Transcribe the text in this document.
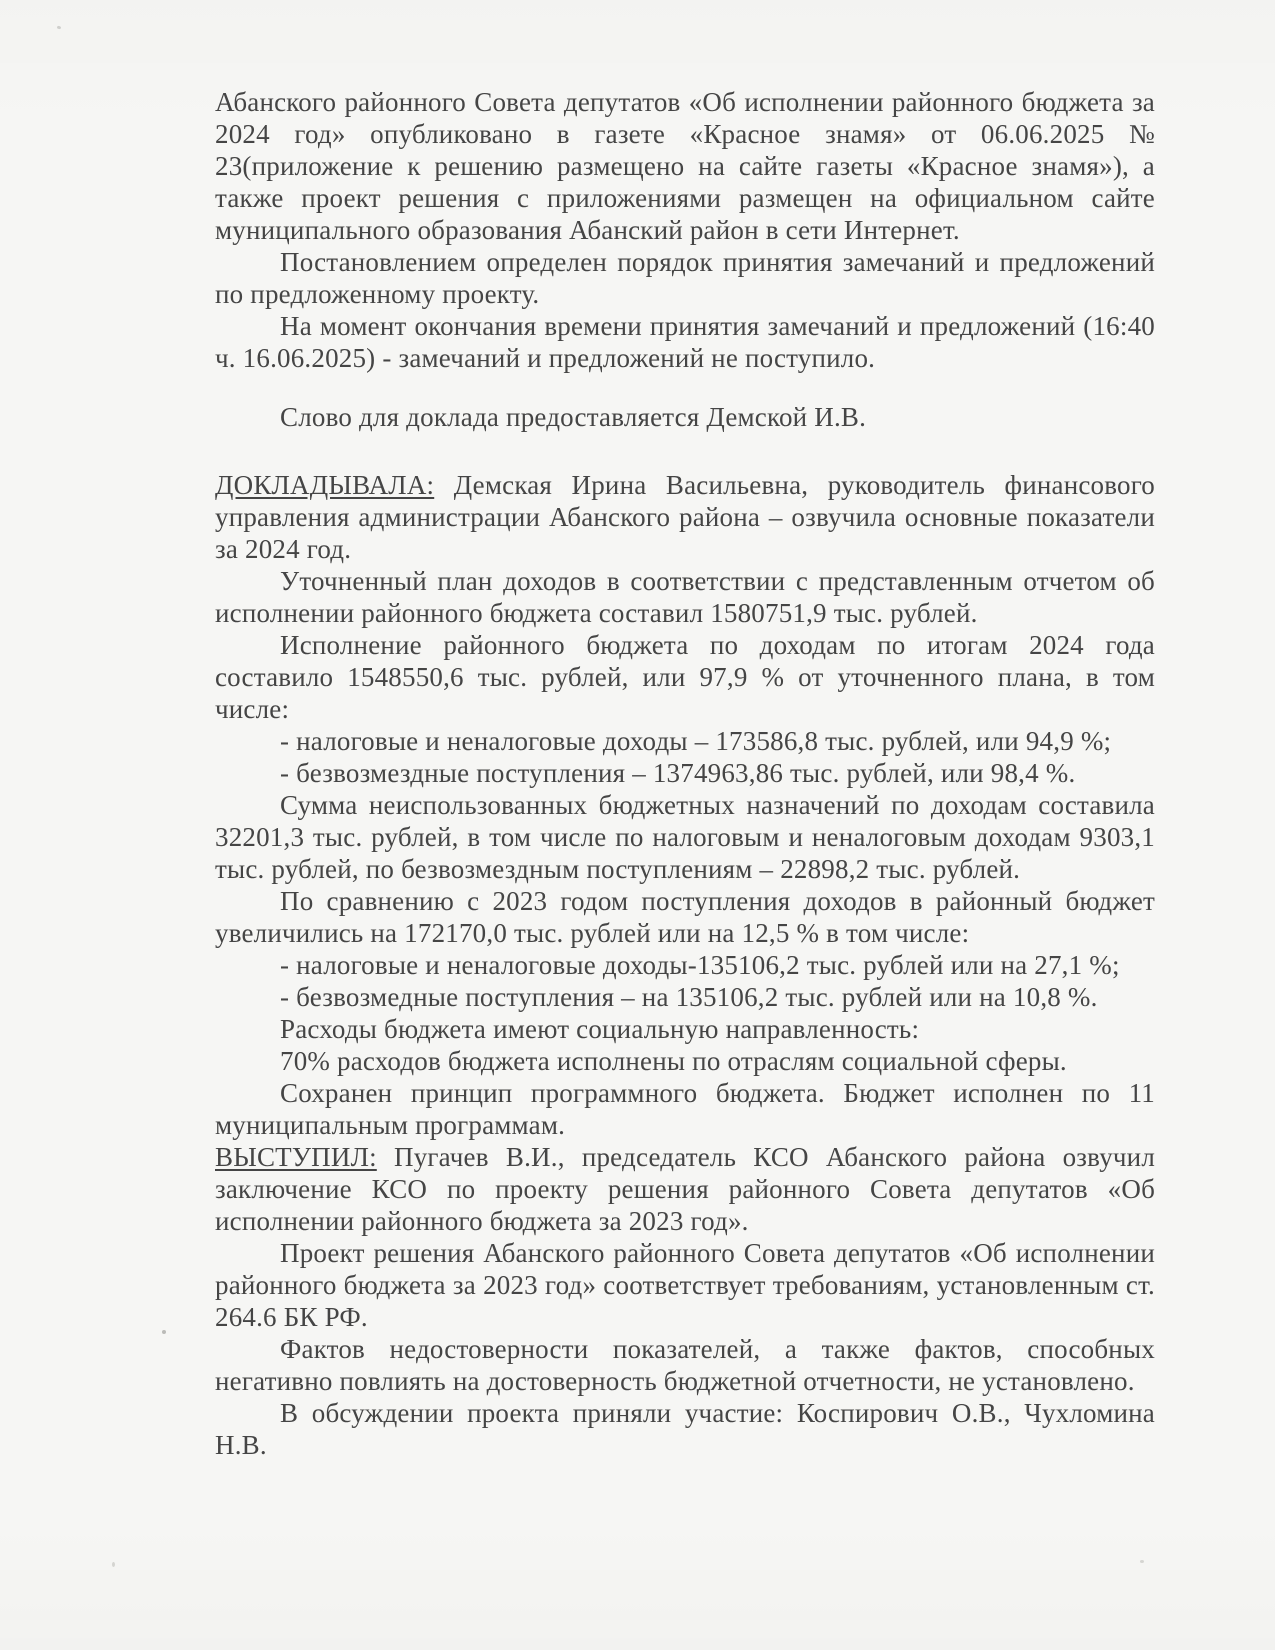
Абанского районного Совета депутатов «Об исполнении районного бюджета за 2024 год» опубликовано в газете «Красное знамя» от 06.06.2025 № 23(приложение к решению размещено на сайте газеты «Красное знамя»), а также проект решения с приложениями размещен на официальном сайте муниципального образования Абанский район в сети Интернет.

Постановлением определен порядок принятия замечаний и предложений по предложенному проекту.

На момент окончания времени принятия замечаний и предложений (16:40 ч. 16.06.2025) - замечаний и предложений не поступило.

Слово для доклада предоставляется Демской И.В.

ДОКЛАДЫВАЛА: Демская Ирина Васильевна, руководитель финансового управления администрации Абанского района – озвучила основные показатели за 2024 год.

Уточненный план доходов в соответствии с представленным отчетом об исполнении районного бюджета составил 1580751,9 тыс. рублей.

Исполнение районного бюджета по доходам по итогам 2024 года составило 1548550,6 тыс. рублей, или 97,9 % от уточненного плана, в том числе:

- налоговые и неналоговые доходы – 173586,8 тыс. рублей, или 94,9 %;

- безвозмездные поступления – 1374963,86 тыс. рублей, или 98,4 %.

Сумма неиспользованных бюджетных назначений по доходам составила 32201,3 тыс. рублей, в том числе по налоговым и неналоговым доходам 9303,1 тыс. рублей, по безвозмездным поступлениям – 22898,2 тыс. рублей.

По сравнению с 2023 годом поступления доходов в районный бюджет увеличились на 172170,0 тыс. рублей или на 12,5 % в том числе:

- налоговые и неналоговые доходы-135106,2 тыс. рублей или на 27,1 %;

- безвозмедные поступления – на 135106,2 тыс. рублей или на 10,8 %.

Расходы бюджета имеют социальную направленность:

70% расходов бюджета исполнены по отраслям социальной сферы.

Сохранен принцип программного бюджета. Бюджет исполнен по 11 муниципальным программам.

ВЫСТУПИЛ: Пугачев В.И., председатель КСО Абанского района озвучил заключение КСО по проекту решения районного Совета депутатов «Об исполнении районного бюджета за 2023 год».

Проект решения Абанского районного Совета депутатов «Об исполнении районного бюджета за 2023 год» соответствует требованиям, установленным ст. 264.6 БК РФ.

Фактов недостоверности показателей, а также фактов, способных негативно повлиять на достоверность бюджетной отчетности, не установлено.

В обсуждении проекта приняли участие: Коспирович О.В., Чухломина Н.В.
